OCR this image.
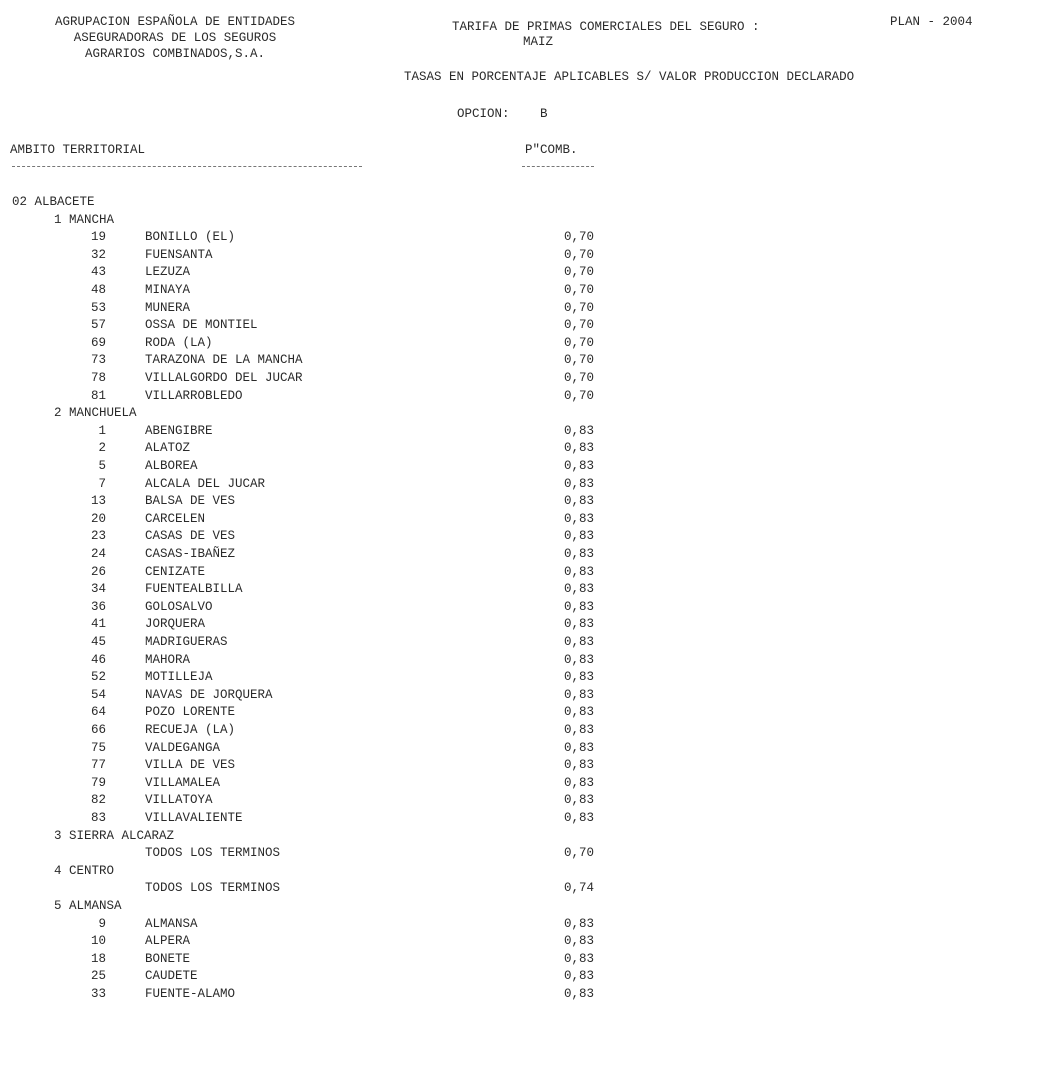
AGRUPACION ESPAÑOLA DE ENTIDADES
ASEGURADORAS DE LOS SEGUROS
AGRARIOS COMBINADOS,S.A.
TARIFA DE PRIMAS COMERCIALES DEL SEGURO :
MAIZ
PLAN - 2004
TASAS EN PORCENTAJE APLICABLES S/ VALOR PRODUCCION DECLARADO
OPCION: B
AMBITO TERRITORIAL	P"COMB.
02 ALBACETE
1 MANCHA
19	BONILLO (EL)	0,70
32	FUENSANTA	0,70
43	LEZUZA	0,70
48	MINAYA	0,70
53	MUNERA	0,70
57	OSSA DE MONTIEL	0,70
69	RODA (LA)	0,70
73	TARAZONA DE LA MANCHA	0,70
78	VILLALGORDO DEL JUCAR	0,70
81	VILLARROBLEDO	0,70
2 MANCHUELA
1	ABENGIBRE	0,83
2	ALATOZ	0,83
5	ALBOREA	0,83
7	ALCALA DEL JUCAR	0,83
13	BALSA DE VES	0,83
20	CARCELEN	0,83
23	CASAS DE VES	0,83
24	CASAS-IBAÑEZ	0,83
26	CENIZATE	0,83
34	FUENTEALBILLA	0,83
36	GOLOSALVO	0,83
41	JORQUERA	0,83
45	MADRIGUERAS	0,83
46	MAHORA	0,83
52	MOTILLEJA	0,83
54	NAVAS DE JORQUERA	0,83
64	POZO LORENTE	0,83
66	RECUEJA (LA)	0,83
75	VALDEGANGA	0,83
77	VILLA DE VES	0,83
79	VILLAMALEA	0,83
82	VILLATOYA	0,83
83	VILLAVALIENTE	0,83
3 SIERRA ALCARAZ
TODOS LOS TERMINOS	0,70
4 CENTRO
TODOS LOS TERMINOS	0,74
5 ALMANSA
9	ALMANSA	0,83
10	ALPERA	0,83
18	BONETE	0,83
25	CAUDETE	0,83
33	FUENTE-ALAMO	0,83
